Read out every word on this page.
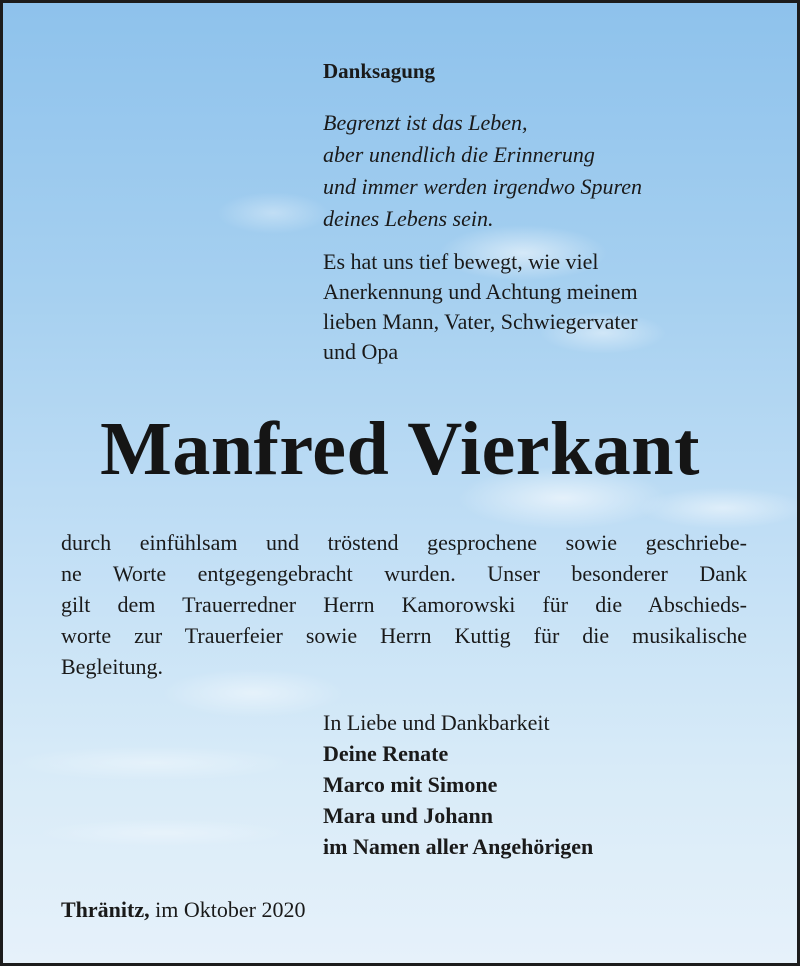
Danksagung
Begrenzt ist das Leben,
aber unendlich die Erinnerung
und immer werden irgendwo Spuren
deines Lebens sein.
Es hat uns tief bewegt, wie viel
Anerkennung und Achtung meinem
lieben Mann, Vater, Schwiegervater
und Opa
Manfred Vierkant
durch einfühlsam und tröstend gesprochene sowie geschriebe-
ne Worte entgegengebracht wurden. Unser besonderer Dank
gilt dem Trauerredner Herrn Kamorowski für die Abschieds-
worte zur Trauerfeier sowie Herrn Kuttig für die musikalische
Begleitung.
In Liebe und Dankbarkeit
Deine Renate
Marco mit Simone
Mara und Johann
im Namen aller Angehörigen
Thränitz, im Oktober 2020
